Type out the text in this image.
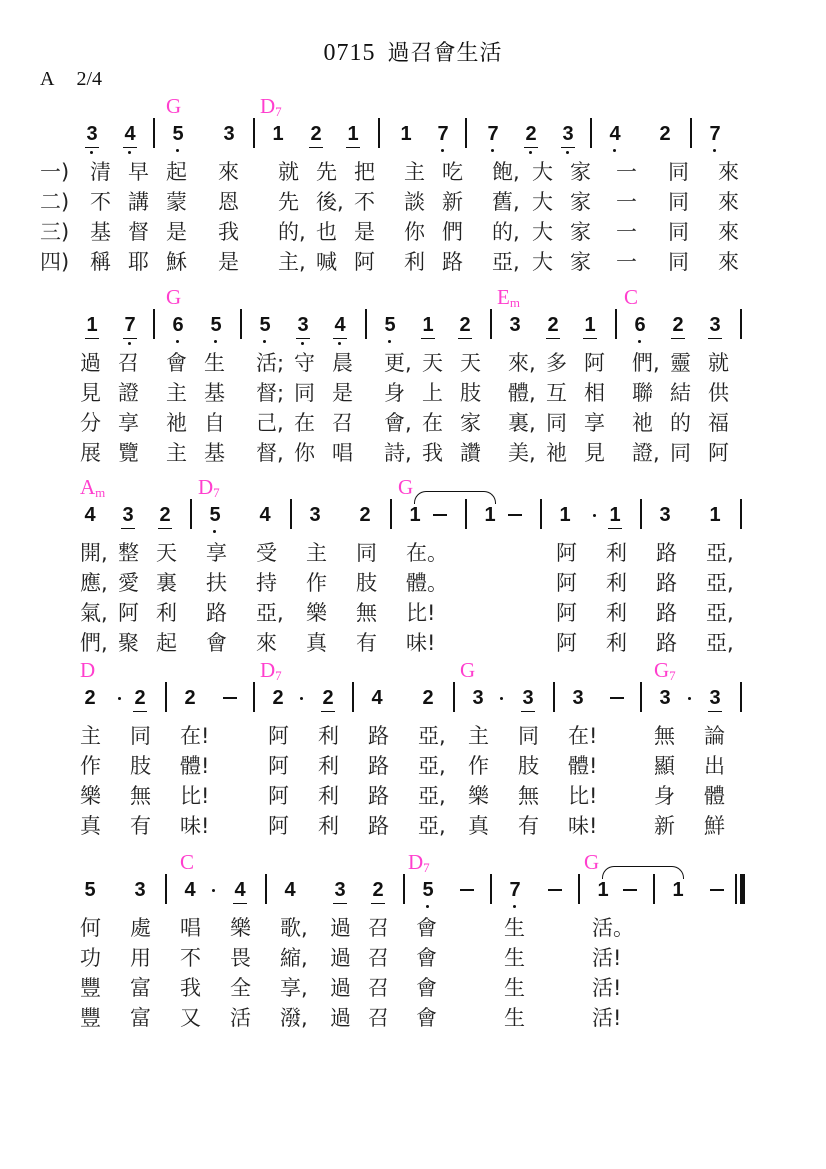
0715 過召會生活
A 2/4
G	$D_7$
3 4 5 3 1 2 1 1 7 7 2 3 4 2 7
一) 清 早 起 來 就 先 把 主 吃 飽, 大 家 一 同 來
二) 不 講 蒙 恩 先 後, 不 談 新 舊, 大 家 一 同 來
三) 基 督 是 我 的, 也 是 你 們 的, 大 家 一 同 來
四) 稱 耶 穌 是 主, 喊 阿 利 路 亞, 大 家 一 同 來
G	$E_m$	C
1 7 6 5 5 3 4 5 1 2 3 2 1 6 2 3
過 召 會 生 活; 守 晨 更, 天 天 來, 多 阿 們, 靈 就
見 證 主 基 督; 同 是 身 上 肢 體, 互 相 聯 結 供
分 享 祂 自 己, 在 召 會, 在 家 裏, 同 享 祂 的 福
展 覽 主 基 督, 你 唱 詩, 我 讚 美, 祂 見 證, 同 阿
$A_m$	$D_7$	G
4 3 2 5 4 3 2 1	1	1 1 3 1
開, 整 天 享 受 主 同 在。	阿 利 路 亞,
應, 愛 裏 扶 持 作 肢 體。	阿 利 路 亞,
氣, 阿 利 路 亞, 樂 無 比!	阿 利 路 亞,
們, 聚 起 會 來 真 有 味!	阿 利 路 亞,
D	$D_7$	G	$G_7$
2 2 2	2 2 4 2 3 3 3	3 3
主 同 在!	阿 利 路 亞, 主 同 在!	無 論
作 肢 體!	阿 利 路 亞, 作 肢 體!	顯 出
樂 無 比!	阿 利 路 亞, 樂 無 比!	身 體
真 有 味!	阿 利 路 亞, 真 有 味!	新 鮮
C	$D_7$	G
5 3 4 4 4 3 2 5	7	1	1
何 處 唱 樂 歌, 過 召 會	生	活。
功 用 不 畏 縮, 過 召 會	生	活!
豐 富 我 全 享, 過 召 會	生	活!
豐 富 又 活 潑, 過 召 會	生	活!
